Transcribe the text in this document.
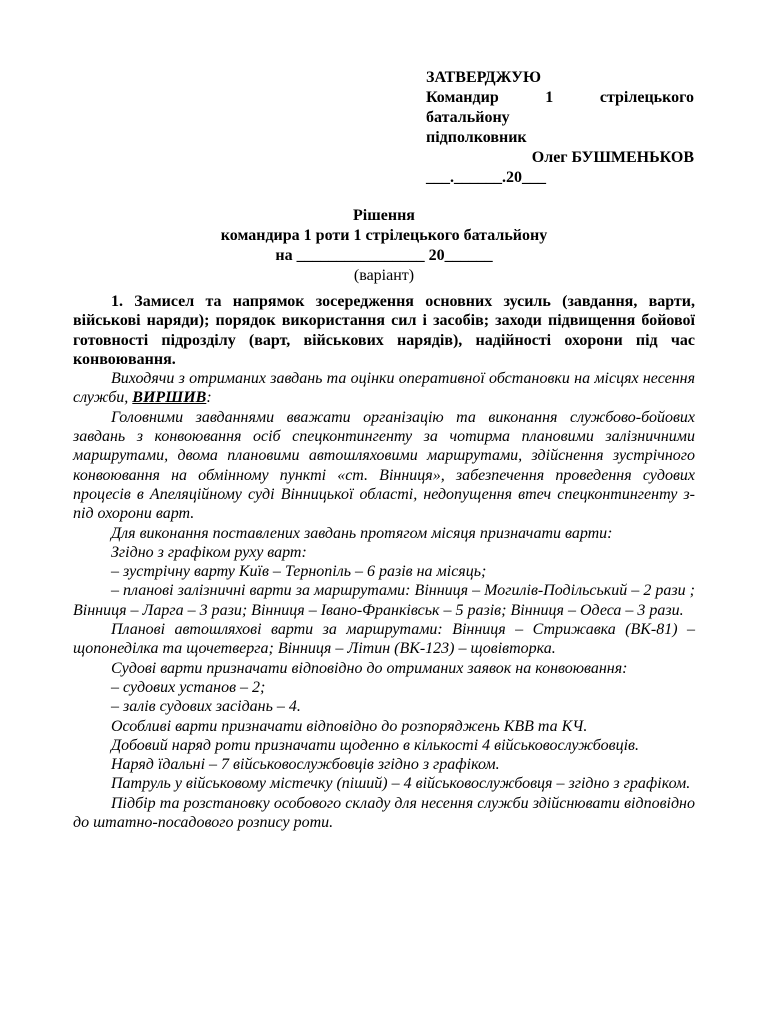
ЗАТВЕРДЖУЮ
Командир 1 стрілецького
батальйону
підполковник
Олег БУШМЕНЬКОВ
___.______.20___
Рішення
командира 1 роти 1 стрілецького батальйону
на ________________ 20______
(варіант)

1. Замисел та напрямок зосередження основних зусиль (завдання, варти, військові наряди); порядок використання сил і засобів; заходи підвищення бойової готовності підрозділу (варт, військових нарядів), надійності охорони під час конвоювання.

Виходячи з отриманих завдань та оцінки оперативної обстановки на місцях несення служби, ВИРШИВ:

Головними завданнями вважати організацію та виконання службово-бойових завдань з конвоювання осіб спецконтингенту за чотирма плановими залізничними маршрутами, двома плановими автошляховими маршрутами, здійснення зустрічного конвоювання на обмінному пункті «ст. Вінниця», забезпечення проведення судових процесів в Апеляційному суді Вінницької області, недопущення втеч спецконтингенту з-під охорони варт.

Для виконання поставлених завдань протягом місяця призначати варти:

Згідно з графіком руху варт:

– зустрічну варту Київ – Тернопіль – 6 разів на місяць;

– планові залізничні варти за маршрутами: Вінниця – Могилів-Подільський – 2 рази ; Вінниця – Ларга – 3 рази; Вінниця – Івано-Франківськ – 5 разів; Вінниця – Одеса – 3 рази.

Планові автошляхові варти за маршрутами: Вінниця – Стрижавка (ВК-81) – щопонеділка та щочетверга; Вінниця – Літин (ВК-123) – щовівторка.

Судові варти призначати відповідно до отриманих заявок на конвоювання:

– судових установ – 2;

– залів судових засідань – 4.

Особливі варти призначати відповідно до розпоряджень КВВ та КЧ.

Добовий наряд роти призначати щоденно в кількості 4 військовослужбовців.

Наряд їдальні – 7 військовослужбовців згідно з графіком.

Патруль у військовому містечку (піший) – 4 військовослужбовця – згідно з графіком.

Підбір та розстановку особового складу для несення служби здійснювати відповідно до штатно-посадового розпису роти.
